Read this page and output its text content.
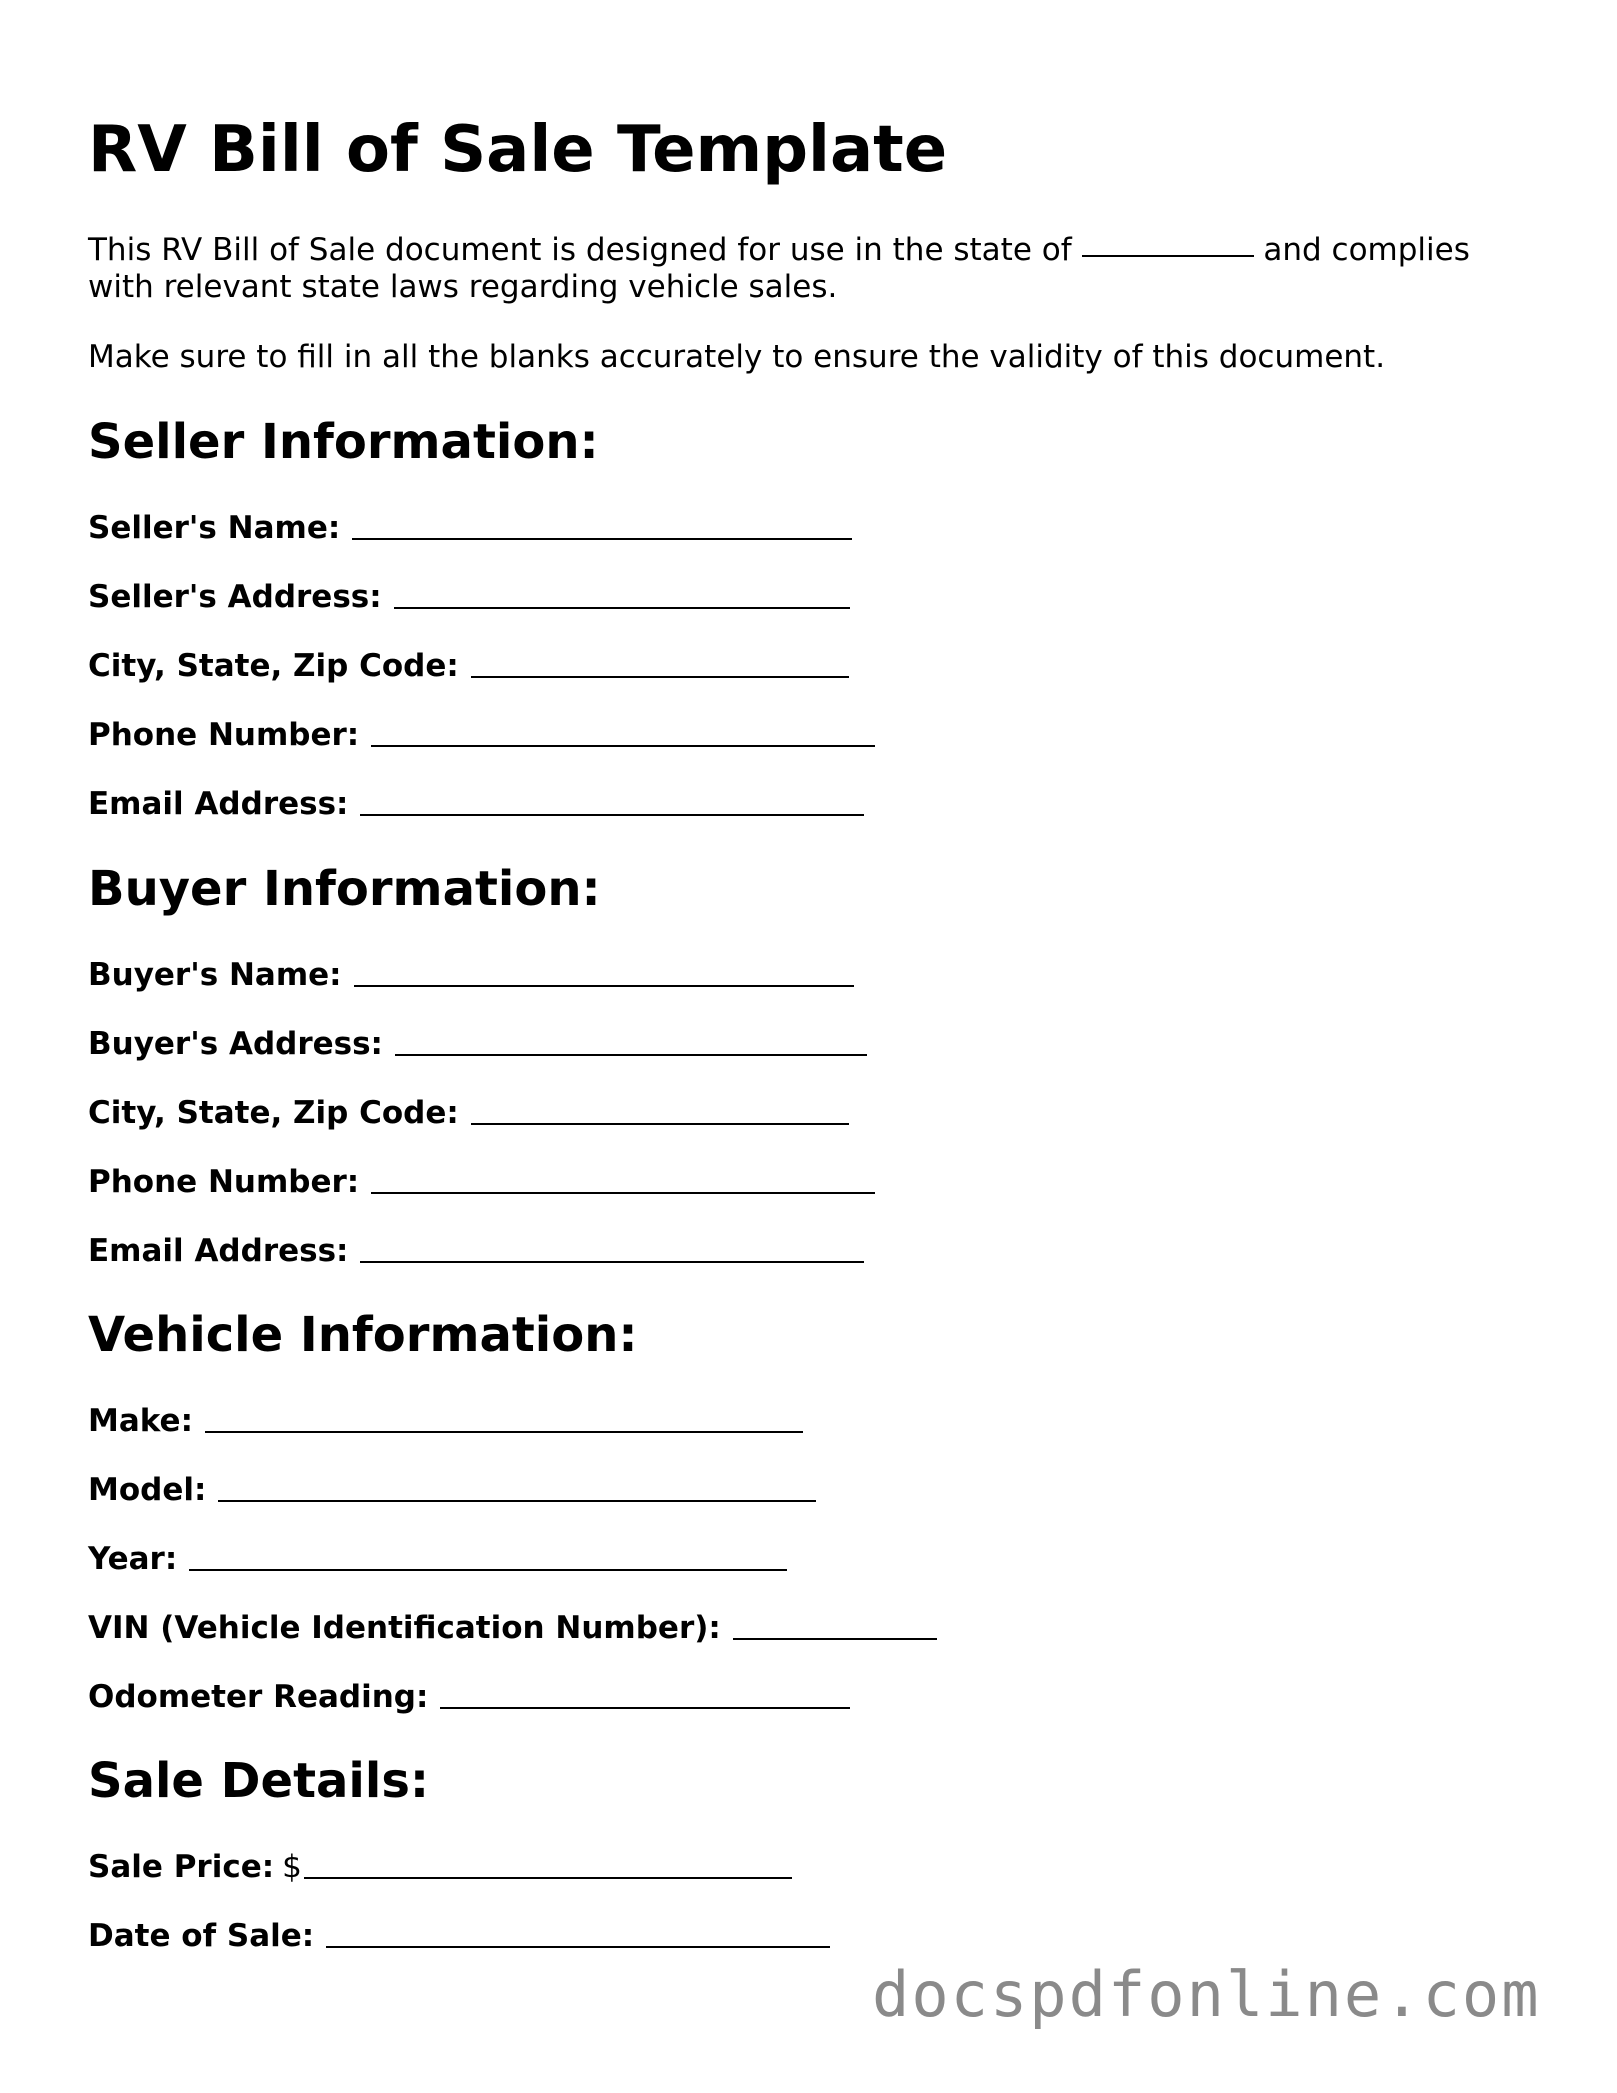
RV Bill of Sale Template

This RV Bill of Sale document is designed for use in the state of	and complies with relevant state laws regarding vehicle sales.

Make sure to fill in all the blanks accurately to ensure the validity of this document.

Seller Information:
Seller's Name:
Seller's Address:
City, State, Zip Code:
Phone Number:
Email Address:
Buyer Information:
Buyer's Name:
Buyer's Address:
City, State, Zip Code:
Phone Number:
Email Address:
Vehicle Information:
Make:
Model:
Year:
VIN (Vehicle Identification Number):
Odometer Reading:
Sale Details:
Sale Price: $
Date of Sale:
docspdfonline.com
